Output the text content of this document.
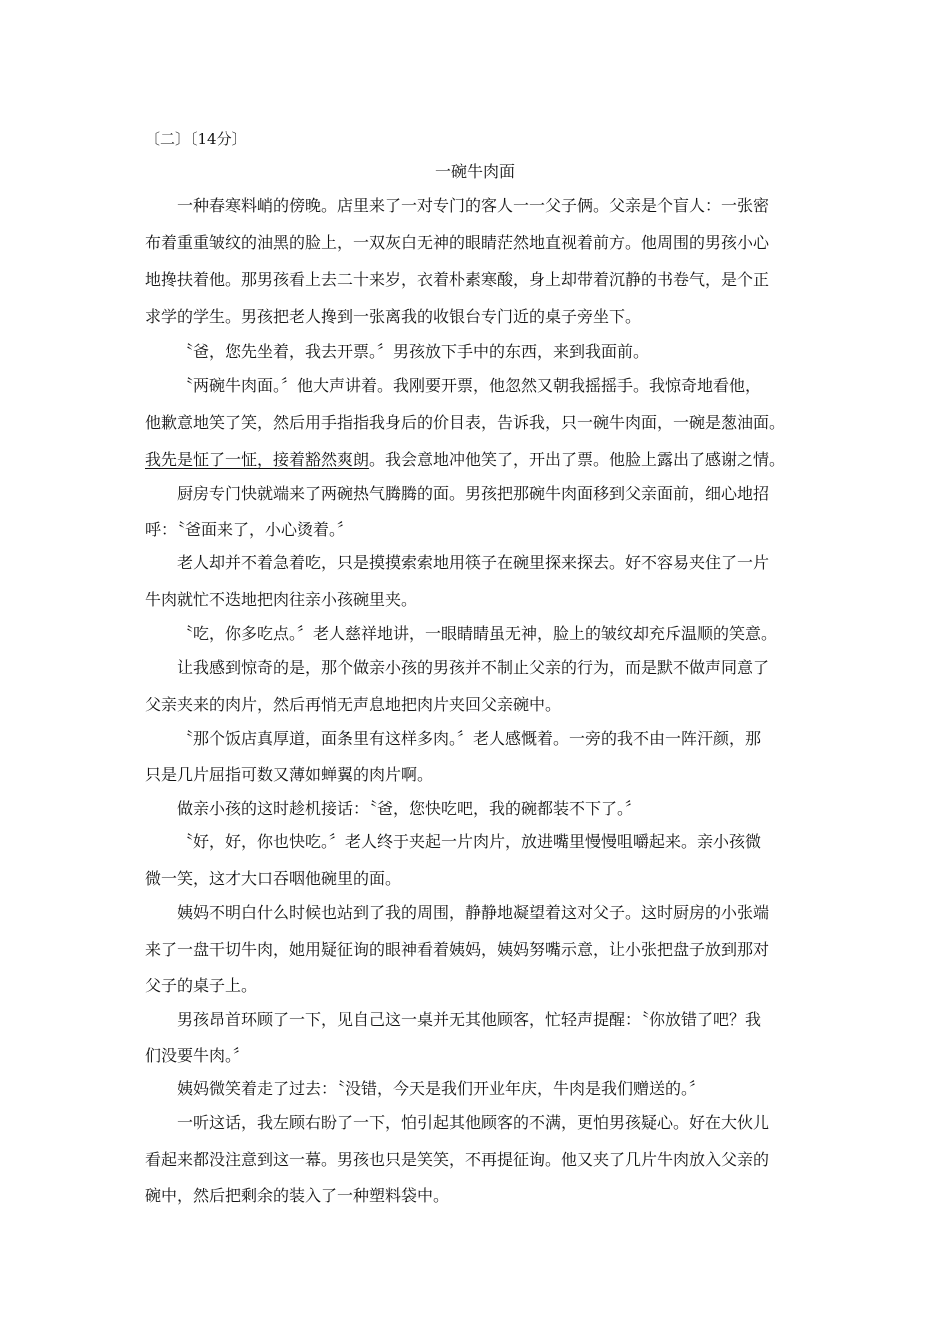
〔二〕〔14分〕
一碗牛肉面
一种春寒料峭的傍晚。店里来了一对专门的客人一一父子俩。父亲是个盲人：一张密
布着重重皱纹的油黑的脸上，一双灰白无神的眼睛茫然地直视着前方。他周围的男孩小心
地搀扶着他。那男孩看上去二十来岁，衣着朴素寒酸，身上却带着沉静的书卷气，是个正
求学的学生。男孩把老人搀到一张离我的收银台专门近的桌子旁坐下。
〝爸，您先坐着，我去开票。〞男孩放下手中的东西，来到我面前。
〝两碗牛肉面。〞他大声讲着。我刚要开票，他忽然又朝我摇摇手。我惊奇地看他，
他歉意地笑了笑，然后用手指指我身后的价目表，告诉我，只一碗牛肉面，一碗是葱油面。
我先是怔了一怔，接着豁然爽朗。我会意地冲他笑了，开出了票。他脸上露出了感谢之情。
厨房专门快就端来了两碗热气腾腾的面。男孩把那碗牛肉面移到父亲面前，细心地招
呼：〝爸面来了，小心烫着。〞
老人却并不着急着吃，只是摸摸索索地用筷子在碗里探来探去。好不容易夹住了一片
牛肉就忙不迭地把肉往亲小孩碗里夹。
〝吃，你多吃点。〞老人慈祥地讲，一眼睛睛虽无神，脸上的皱纹却充斥温顺的笑意。
让我感到惊奇的是，那个做亲小孩的男孩并不制止父亲的行为，而是默不做声同意了
父亲夹来的肉片，然后再悄无声息地把肉片夹回父亲碗中。
〝那个饭店真厚道，面条里有这样多肉。〞老人感慨着。一旁的我不由一阵汗颜，那
只是几片屈指可数又薄如蝉翼的肉片啊。
做亲小孩的这时趁机接话：〝爸，您快吃吧，我的碗都装不下了。〞
〝好，好，你也快吃。〞老人终于夹起一片肉片，放进嘴里慢慢咀嚼起来。亲小孩微
微一笑，这才大口吞咽他碗里的面。
姨妈不明白什么时候也站到了我的周围，静静地凝望着这对父子。这时厨房的小张端
来了一盘干切牛肉，她用疑征询的眼神看着姨妈，姨妈努嘴示意，让小张把盘子放到那对
父子的桌子上。
男孩昂首环顾了一下，见自己这一桌并无其他顾客，忙轻声提醒：〝你放错了吧？我
们没要牛肉。〞
姨妈微笑着走了过去：〝没错，今天是我们开业年庆，牛肉是我们赠送的。〞
一听这话，我左顾右盼了一下，怕引起其他顾客的不满，更怕男孩疑心。好在大伙儿
看起来都没注意到这一幕。男孩也只是笑笑，不再提征询。他又夹了几片牛肉放入父亲的
碗中，然后把剩余的装入了一种塑料袋中。
